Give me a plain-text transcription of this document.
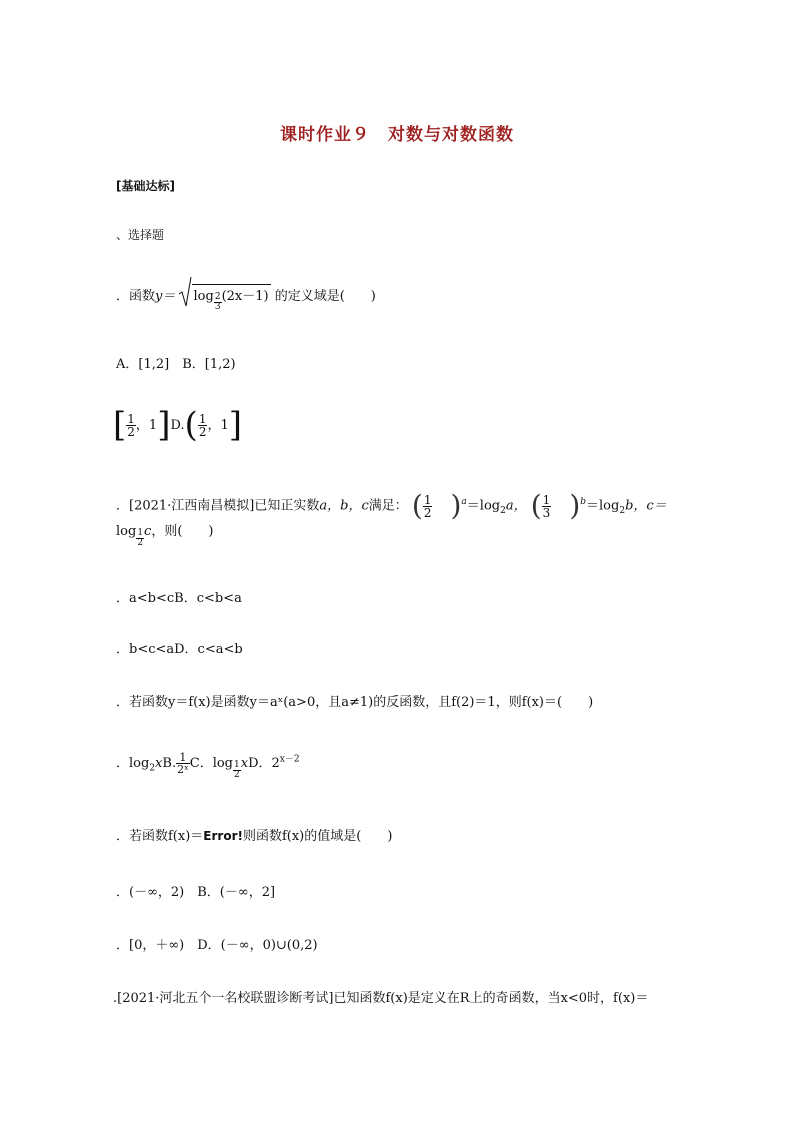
课时作业９　对数与对数函数
[基础达标]
、选择题
．函数$y= \log \frac{2}{3} (2x-1)$ 的定义域是(　　)
A．[1,2]　B．[1,2)
[ $\frac{1}{2}$ ，$1]D.( \frac{1}{2}$ ，1]
．[2021·江西南昌模拟]已知正实数a，b，c满足： ( $\frac{1}{2} )^a=\log_2a$， ( $\frac{1}{3} )^b=\log_2b$，c＝
$\log \frac{1}{2}$ c，则(　　)
．a<b<cB．c<b<a
．b<c<aD．c<a<b
．若函数y＝f(x)是函数y＝aˣ(a>0，且a≠1)的反函数，且f(2)＝1，则f(x)＝(　　)
．$\log_2xB$. $\frac{1}{\text{2ˣ}}$ C．$\log \frac{1}{2}$ xD．$2^{x-2}$
．若函数f(x)＝Error!则函数f(x)的值域是(　　)
．(－∞，2)　B．(－∞，2]
．[0，＋∞)　D．(－∞，0)∪(0,2)
.[2021·河北五个一名校联盟诊断考试]已知函数f(x)是定义在R上的奇函数，当x<0时，f(x)＝
